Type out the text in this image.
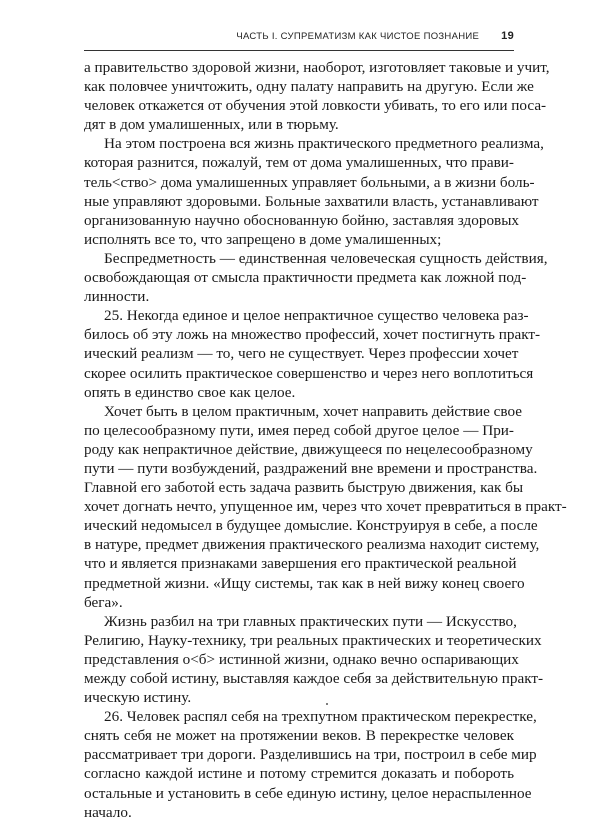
ЧАСТЬ I. СУПРЕМАТИЗМ КАК ЧИСТОЕ ПОЗНАНИЕ 19
а правительство здоровой жизни, наоборот, изготовляет таковые и учит,
как половчее уничтожить, одну палату направить на другую. Если же
человек откажется от обучения этой ловкости убивать, то его или поса-
дят в дом умалишенных, или в тюрьму.
На этом построена вся жизнь практического предметного реализма,
которая разнится, пожалуй, тем от дома умалишенных, что прави-
тель<ство> дома умалишенных управляет больными, а в жизни боль-
ные управляют здоровыми. Больные захватили власть, устанавливают
организованную научно обоснованную бойню, заставляя здоровых
исполнять все то, что запрещено в доме умалишенных;
Беспредметность — единственная человеческая сущность действия,
освобождающая от смысла практичности предмета как ложной под-
линности.
25. Некогда единое и целое непрактичное существо человека раз-
билось об эту ложь на множество профессий, хочет постигнуть практ-
ический реализм — то, чего не существует. Через профессии хочет
скорее осилить практическое совершенство и через него воплотиться
опять в единство свое как целое.
Хочет быть в целом практичным, хочет направить действие свое
по целесообразному пути, имея перед собой другое целое — При-
роду как непрактичное действие, движущееся по нецелесообразному
пути — пути возбуждений, раздражений вне времени и пространства.
Главной его заботой есть задача развить быструю движения, как бы
хочет догнать нечто, упущенное им, через что хочет превратиться в практ-
ический недомысел в будущее домыслие. Конструируя в себе, а после
в натуре, предмет движения практического реализма находит систему,
что и является признаками завершения его практической реальной
предметной жизни. «Ищу системы, так как в ней вижу конец своего
бега».
Жизнь разбил на три главных практических пути — Искусство,
Религию, Науку-технику, три реальных практических и теоретических
представления о<б> истинной жизни, однако вечно оспаривающих
между собой истину, выставляя каждое себя за действительную практ-
ическую истину.
26. Человек распял себя на трехпутном практическом перекрестке,
снять себя не может на протяжении веков. В перекрестке человек
рассматривает три дороги. Разделившись на три, построил в себе мир
согласно каждой истине и потому стремится доказать и побороть
остальные и установить в себе единую истину, целое нераспыленное
начало.
